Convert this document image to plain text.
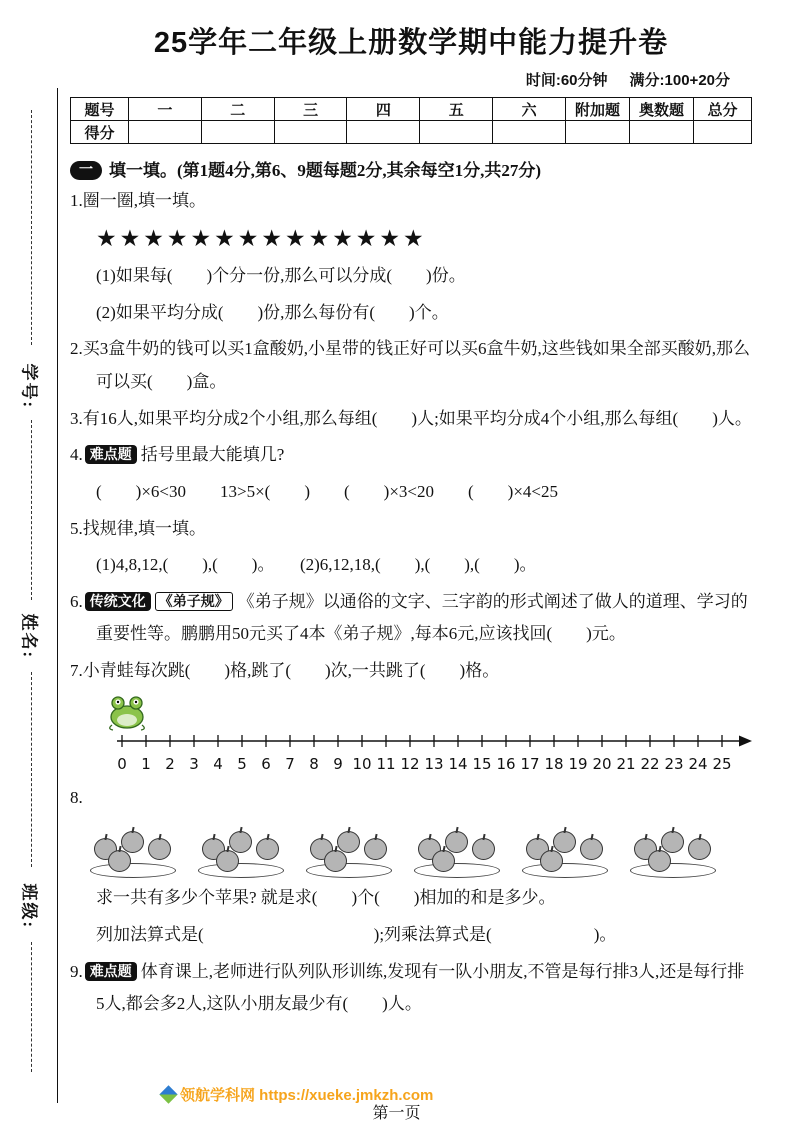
学号:
姓名:
班级:
25学年二年级上册数学期中能力提升卷
时间:60分钟 满分:100+20分
题号	一	二	三	四	五	六	附加题	奥数题	总分
得分									
一 填一填。(第1题4分,第6、9题每题2分,其余每空1分,共27分)
1.圈一圈,填一填。
★★★★★★★★★★★★★★
(1)如果每(　　)个分一份,那么可以分成(　　)份。
(2)如果平均分成(　　)份,那么每份有(　　)个。
2.买3盒牛奶的钱可以买1盒酸奶,小星带的钱正好可以买6盒牛奶,这些钱如果全部买酸奶,那么可以买(　　)盒。
3.有16人,如果平均分成2个小组,那么每组(　　)人;如果平均分成4个小组,那么每组(　　)人。
4. 难点题 括号里最大能填几?
(　　)×6<30　　13>5×(　　)　　(　　)×3<20　　(　　)×4<25
5.找规律,填一填。
(1)4,8,12,(　　),(　　)。　　(2)6,12,18,(　　),(　　),(　　)。
6. 传统文化 《弟子规》 《弟子规》以通俗的文字、三字韵的形式阐述了做人的道理、学习的重要性等。鹏鹏用50元买了4本《弟子规》,每本6元,应该找回(　　)元。
7.小青蛙每次跳(　　)格,跳了(　　)次,一共跳了(　　)格。
0 1 2 3 4 5 6 7 8 9 10 11 12 13 14 15 16 17 18 19 20 21 22 23 24 25
8.
求一共有多少个苹果? 就是求(　　)个(　　)相加的和是多少。
列加法算式是(　　　　　　　　　　);列乘法算式是(　　　　　　)。
9. 难点题 体育课上,老师进行队列队形训练,发现有一队小朋友,不管是每行排3人,还是每行排5人,都会多2人,这队小朋友最少有(　　)人。
领航学科网 https://xueke.jmkzh.com
第一页
